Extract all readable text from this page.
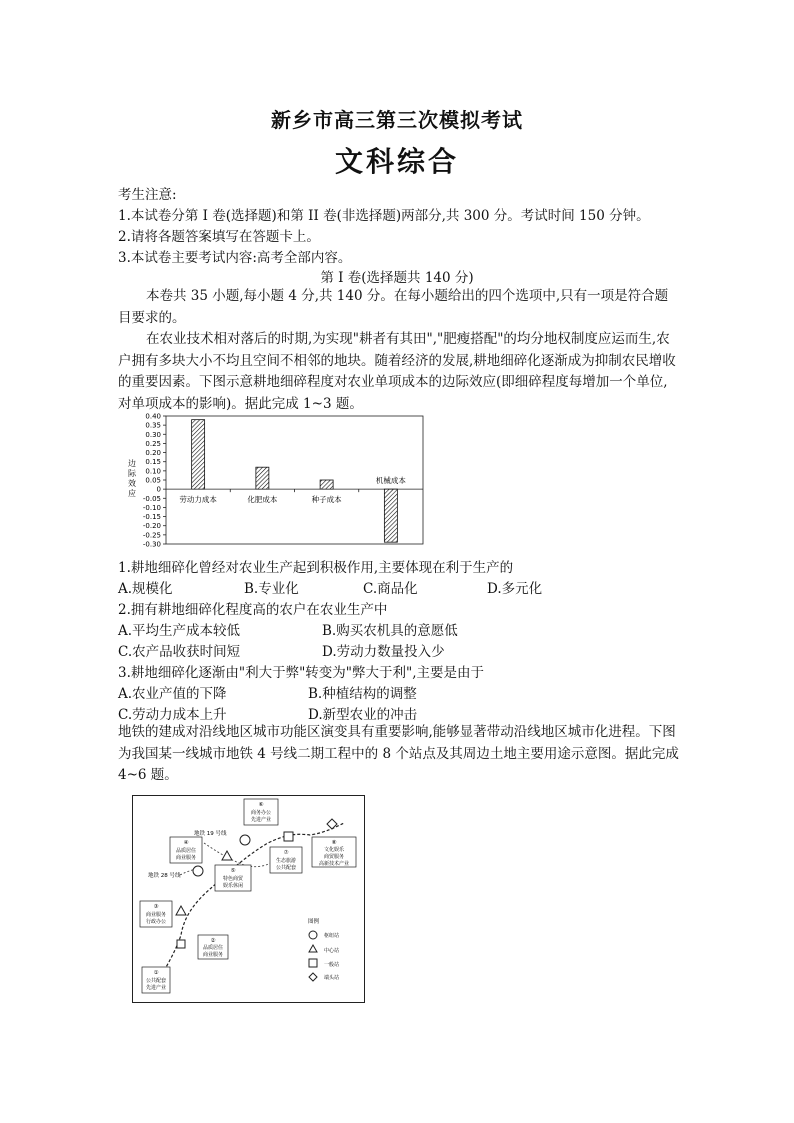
新乡市高三第三次模拟考试
文科综合
考生注意:
1.本试卷分第 I 卷(选择题)和第 II 卷(非选择题)两部分,共 300 分。考试时间 150 分钟。
2.请将各题答案填写在答题卡上。
3.本试卷主要考试内容:高考全部内容。
第 I 卷(选择题共 140 分)
本卷共 35 小题,每小题 4 分,共 140 分。在每小题给出的四个选项中,只有一项是符合题目要求的。
在农业技术相对落后的时期,为实现"耕者有其田","肥瘦搭配"的均分地权制度应运而生,农户拥有多块大小不均且空间不相邻的地块。随着经济的发展,耕地细碎化逐渐成为抑制农民增收的重要因素。下图示意耕地细碎程度对农业单项成本的边际效应(即细碎程度每增加一个单位,对单项成本的影响)。据此完成 1~3 题。
边
际
效
应
0.40
0.35
0.30
0.25
0.20
0.15
0.10
0.05
0
-0.05
-0.10
-0.15
-0.20
-0.25
-0.30
劳动力成本	化肥成本	种子成本
机械成本
1.耕地细碎化曾经对农业生产起到积极作用,主要体现在利于生产的
A.规模化	B.专业化	C.商品化	D.多元化
2.拥有耕地细碎化程度高的农户在农业生产中
A.平均生产成本较低	B.购买农机具的意愿低
C.农产品收获时间短	D.劳动力数量投入少
3.耕地细碎化逐渐由"利大于弊"转变为"弊大于利",主要是由于
A.农业产值的下降	B.种植结构的调整
C.劳动力成本上升	D.新型农业的冲击
地铁的建成对沿线地区城市功能区演变具有重要影响,能够显著带动沿线地区城市化进程。下图为我国某一线城市地铁 4 号线二期工程中的 8 个站点及其周边土地主要用途示意图。据此完成 4~6 题。
地铁 19 号线
地铁 28 号线
①
公共配套
先进产业
②
品质居住
商业服务
③
商业服务
行政办公
④
品质居住
商业服务
⑤
特色商贸
娱乐休闲
⑥
商务办公
先进产业
⑦
生态旅游
公共配套
⑧
文化娱乐
商贸服务
高新技术产业
图例
枢纽站
中心站
一般站
端头站
